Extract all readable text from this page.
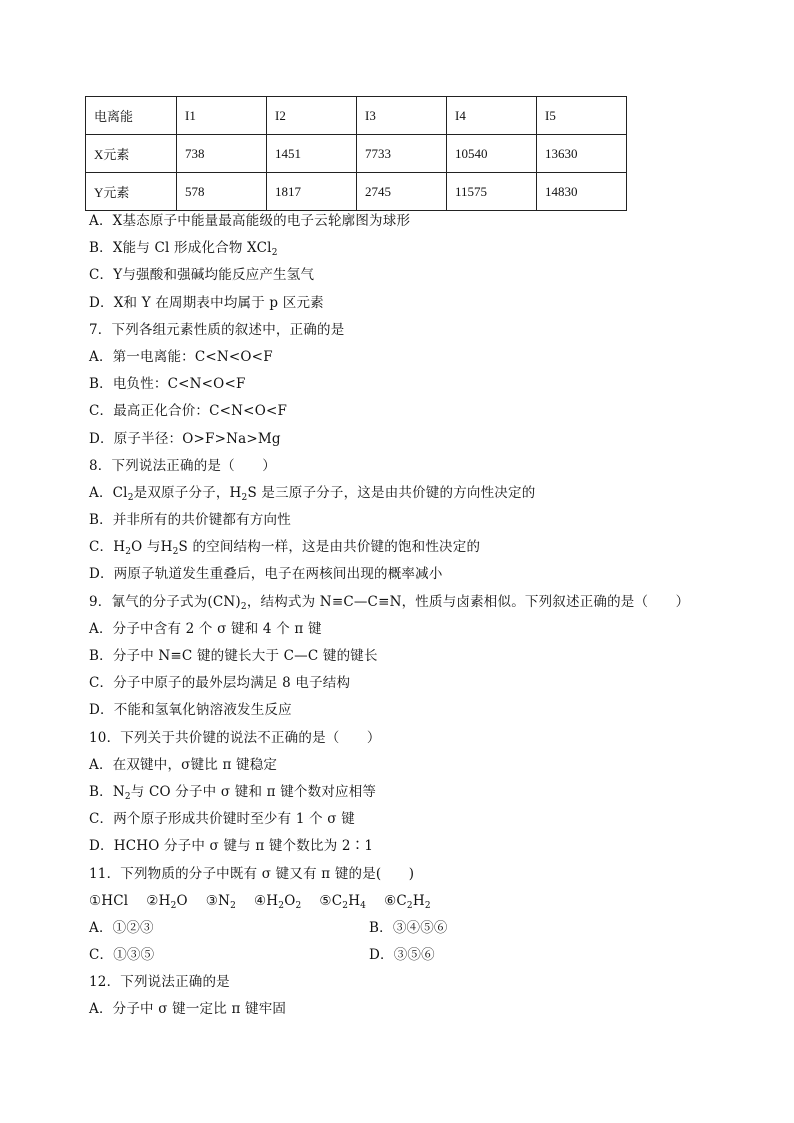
电离能	I1	I2	I3	I4	I5
X元素	738	1451	7733	10540	13630
Y元素	578	1817	2745	11575	14830
A．X基态原子中能量最高能级的电子云轮廓图为球形
B．X能与 Cl 形成化合物 XCl$_2$
C．Y与强酸和强碱均能反应产生氢气
D．X和 Y 在周期表中均属于 p 区元素
7．下列各组元素性质的叙述中，正确的是
A．第一电离能：C<N<O<F
B．电负性：C<N<O<F
C．最高正化合价：C<N<O<F
D．原子半径：O>F>Na>Mg
8．下列说法正确的是（　　）
A．$Cl_2$是双原子分子，$H_2S$ 是三原子分子，这是由共价键的方向性决定的
B．并非所有的共价键都有方向性
C．$H_2O$ 与$H_2S$ 的空间结构一样，这是由共价键的饱和性决定的
D．两原子轨道发生重叠后，电子在两核间出现的概率减小
9．氰气的分子式为$(CN)_2$，结构式为 N≡C—C≡N，性质与卤素相似。下列叙述正确的是（　　）
A．分子中含有 2 个 σ 键和 4 个 π 键
B．分子中 N≡C 键的键长大于 C—C 键的键长
C．分子中原子的最外层均满足 8 电子结构
D．不能和氢氧化钠溶液发生反应
10．下列关于共价键的说法不正确的是（　　）
A．在双键中，σ键比 π 键稳定
B．$N_2$与 CO 分子中 σ 键和 π 键个数对应相等
C．两个原子形成共价键时至少有 1 个 σ 键
D．HCHO 分子中 σ 键与 π 键个数比为 2∶1
11．下列物质的分子中既有 σ 键又有 π 键的是(　　)
①HCl $②H_2O$ $③N_2$ $④H_2O_2$ $⑤C_2H_4$ $⑥C_2H_2$
A．①②③	B．③④⑤⑥
C．①③⑤	D．③⑤⑥
12．下列说法正确的是
A．分子中 σ 键一定比 π 键牢固
